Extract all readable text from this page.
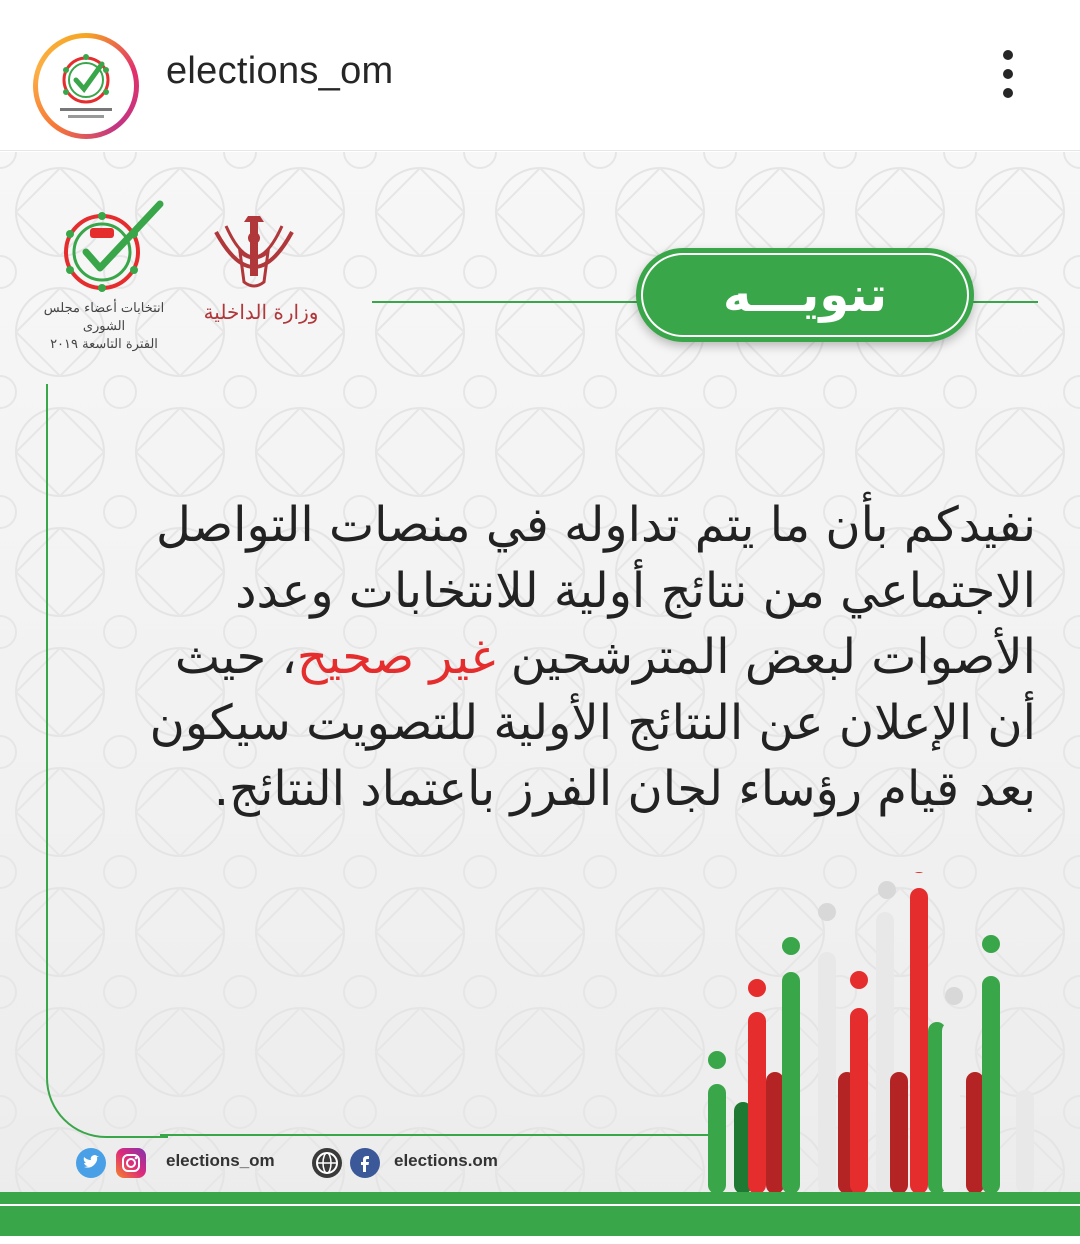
elections_om
انتخابات أعضاء مجلس الشورى
الفترة التاسعة ٢٠١٩
وزارة الداخلية	تنويـــه
نفيدكم بأن ما يتم تداوله في منصات التواصل
الاجتماعي من نتائج أولية للانتخابات وعدد
الأصوات لبعض المترشحين غير صحيح، حيث
أن الإعلان عن النتائج الأولية للتصويت سيكون
بعد قيام رؤساء لجان الفرز باعتماد النتائج.
elections_om	elections.om
